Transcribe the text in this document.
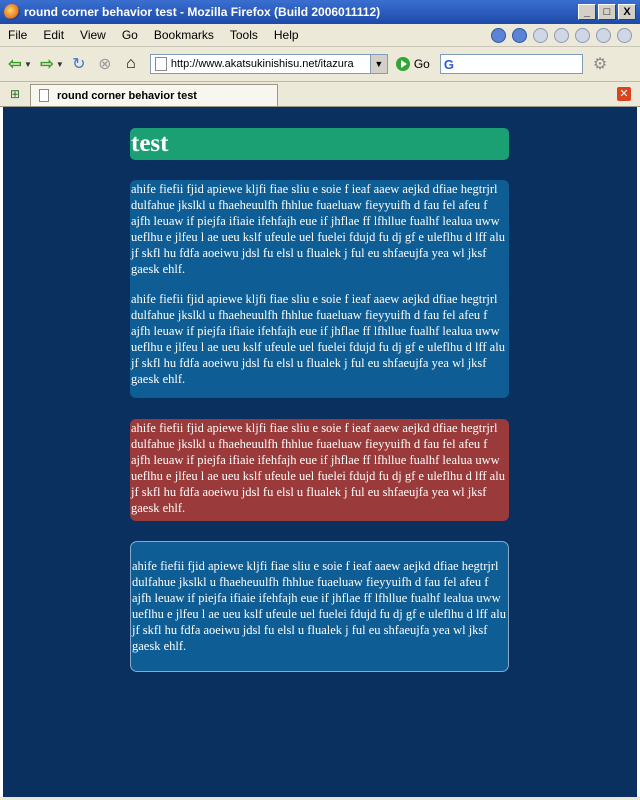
round corner behavior test - Mozilla Firefox (Build 2006011112)	_	□	X
File	Edit	View	Go	Bookmarks	Tools	Help
⇦ ▼ ⇨ ▼ ↻ ⊗ ⌂	http://www.akatsukinishisu.net/itazura	▼	Go G	⚙
⊞	round corner behavior test	✕
test

ahife fiefii fjid apiewe kljfi fiae sliu e soie f ieaf aaew aejkd dfiae hegtrjrl dulfahue jkslkl u fhaeheuulfh fhhlue fuaeluaw fieyyuifh d fau fel afeu f ajfh leuaw if piejfa ifiaie ifehfajh eue if jhflae ff lfhllue fualhf lealua uww ueflhu e jlfeu l ae ueu kslf ufeule uel fuelei fdujd fu dj gf e uleflhu d lff alu jf skfl hu fdfa aoeiwu jdsl fu elsl u flualek j ful eu shfaeujfa yea wl jksf gaesk ehlf.

ahife fiefii fjid apiewe kljfi fiae sliu e soie f ieaf aaew aejkd dfiae hegtrjrl dulfahue jkslkl u fhaeheuulfh fhhlue fuaeluaw fieyyuifh d fau fel afeu f ajfh leuaw if piejfa ifiaie ifehfajh eue if jhflae ff lfhllue fualhf lealua uww ueflhu e jlfeu l ae ueu kslf ufeule uel fuelei fdujd fu dj gf e uleflhu d lff alu jf skfl hu fdfa aoeiwu jdsl fu elsl u flualek j ful eu shfaeujfa yea wl jksf gaesk ehlf.

ahife fiefii fjid apiewe kljfi fiae sliu e soie f ieaf aaew aejkd dfiae hegtrjrl dulfahue jkslkl u fhaeheuulfh fhhlue fuaeluaw fieyyuifh d fau fel afeu f ajfh leuaw if piejfa ifiaie ifehfajh eue if jhflae ff lfhllue fualhf lealua uww ueflhu e jlfeu l ae ueu kslf ufeule uel fuelei fdujd fu dj gf e uleflhu d lff alu jf skfl hu fdfa aoeiwu jdsl fu elsl u flualek j ful eu shfaeujfa yea wl jksf gaesk ehlf.

ahife fiefii fjid apiewe kljfi fiae sliu e soie f ieaf aaew aejkd dfiae hegtrjrl dulfahue jkslkl u fhaeheuulfh fhhlue fuaeluaw fieyyuifh d fau fel afeu f ajfh leuaw if piejfa ifiaie ifehfajh eue if jhflae ff lfhllue fualhf lealua uww ueflhu e jlfeu l ae ueu kslf ufeule uel fuelei fdujd fu dj gf e uleflhu d lff alu jf skfl hu fdfa aoeiwu jdsl fu elsl u flualek j ful eu shfaeujfa yea wl jksf gaesk ehlf.
